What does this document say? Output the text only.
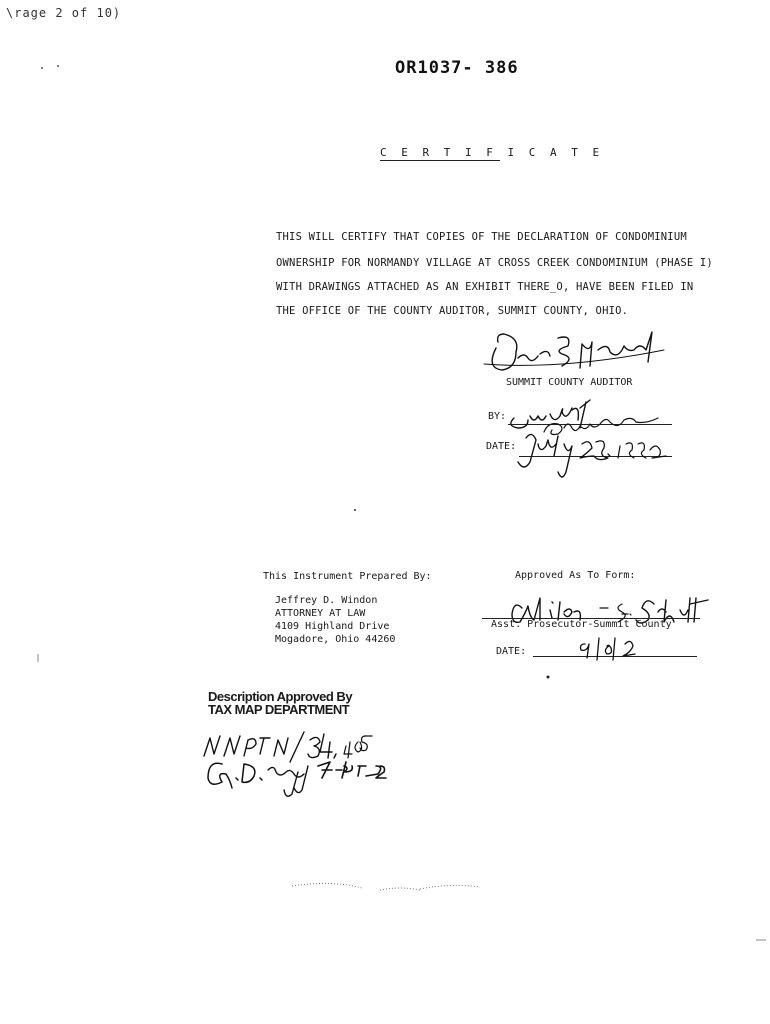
\rage 2 of 10)
OR1037- 386
C E R T I F I C A T E
THIS WILL CERTIFY THAT COPIES OF THE DECLARATION OF CONDOMINIUM
OWNERSHIP FOR NORMANDY VILLAGE AT CROSS CREEK CONDOMINIUM (PHASE I)
WITH DRAWINGS ATTACHED AS AN EXHIBIT THERE_O, HAVE BEEN FILED IN
THE OFFICE OF THE COUNTY AUDITOR, SUMMIT COUNTY, OHIO.
SUMMIT COUNTY AUDITOR
BY:
DATE:
This Instrument Prepared By:
Jeffrey D. Windon
ATTORNEY AT LAW
4109 Highland Drive
Mogadore, Ohio 44260
Approved As To Form:
Asst. Prosecutor-Summit County
DATE:
Description Approved By
TAX MAP DEPARTMENT
